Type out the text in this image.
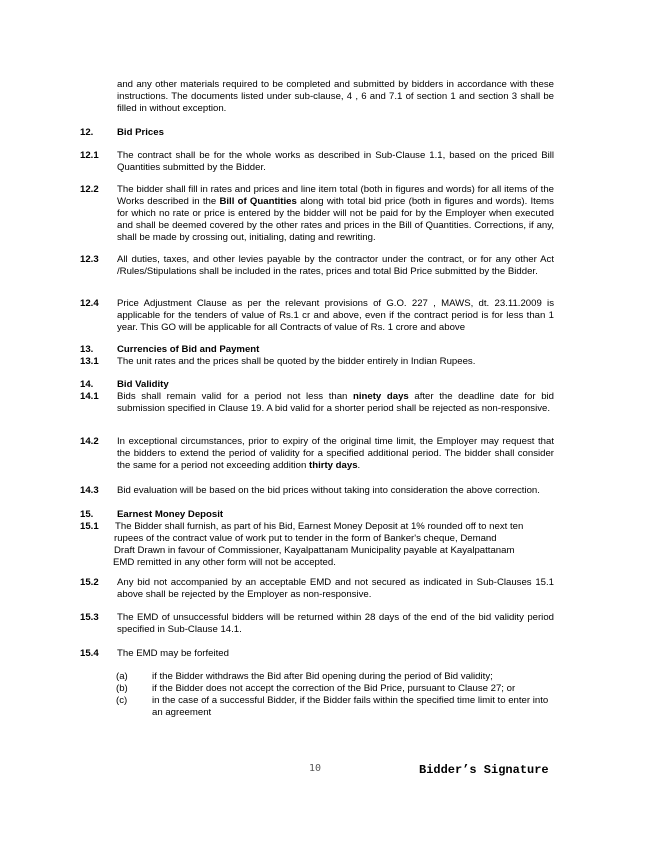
and any other materials required to be completed and submitted by bidders in accordance with these instructions. The documents listed under sub-clause, 4 , 6 and 7.1 of section 1 and section 3 shall be filled in without exception.
12. Bid Prices
12.1 The contract shall be for the whole works as described in Sub-Clause 1.1, based on the priced Bill Quantities submitted by the Bidder.
12.2 The bidder shall fill in rates and prices and line item total (both in figures and words) for all items of the Works described in the Bill of Quantities along with total bid price (both in figures and words). Items for which no rate or price is entered by the bidder will not be paid for by the Employer when executed and shall be deemed covered by the other rates and prices in the Bill of Quantities. Corrections, if any, shall be made by crossing out, initialing, dating and rewriting.
12.3 All duties, taxes, and other levies payable by the contractor under the contract, or for any other Act /Rules/Stipulations shall be included in the rates, prices and total Bid Price submitted by the Bidder.
12.4 Price Adjustment Clause as per the relevant provisions of G.O. 227 , MAWS, dt. 23.11.2009 is applicable for the tenders of value of Rs.1 cr and above, even if the contract period is for less than 1 year. This GO will be applicable for all Contracts of value of Rs. 1 crore and above
13. Currencies of Bid and Payment
13.1 The unit rates and the prices shall be quoted by the bidder entirely in Indian Rupees.
14. Bid Validity
14.1 Bids shall remain valid for a period not less than ninety days after the deadline date for bid submission specified in Clause 19. A bid valid for a shorter period shall be rejected as non-responsive.
14.2 In exceptional circumstances, prior to expiry of the original time limit, the Employer may request that the bidders to extend the period of validity for a specified additional period. The bidder shall consider the same for a period not exceeding addition thirty days.
14.3 Bid evaluation will be based on the bid prices without taking into consideration the above correction.
15. Earnest Money Deposit
15.1 The Bidder shall furnish, as part of his Bid, Earnest Money Deposit at 1% rounded off to next ten
rupees of the contract value of work put to tender in the form of Banker's cheque, Demand
Draft Drawn in favour of Commissioner, Kayalpattanam Municipality payable at Kayalpattanam
EMD remitted in any other form will not be accepted.
15.2 Any bid not accompanied by an acceptable EMD and not secured as indicated in Sub-Clauses 15.1 above shall be rejected by the Employer as non-responsive.
15.3 The EMD of unsuccessful bidders will be returned within 28 days of the end of the bid validity period specified in Sub-Clause 14.1.
15.4 The EMD may be forfeited
(a)	if the Bidder withdraws the Bid after Bid opening during the period of Bid validity;
(b)	if the Bidder does not accept the correction of the Bid Price, pursuant to Clause 27; or
(c)	in the case of a successful Bidder, if the Bidder fails within the specified time limit to enter into an agreement
10	Bidder’s Signature
